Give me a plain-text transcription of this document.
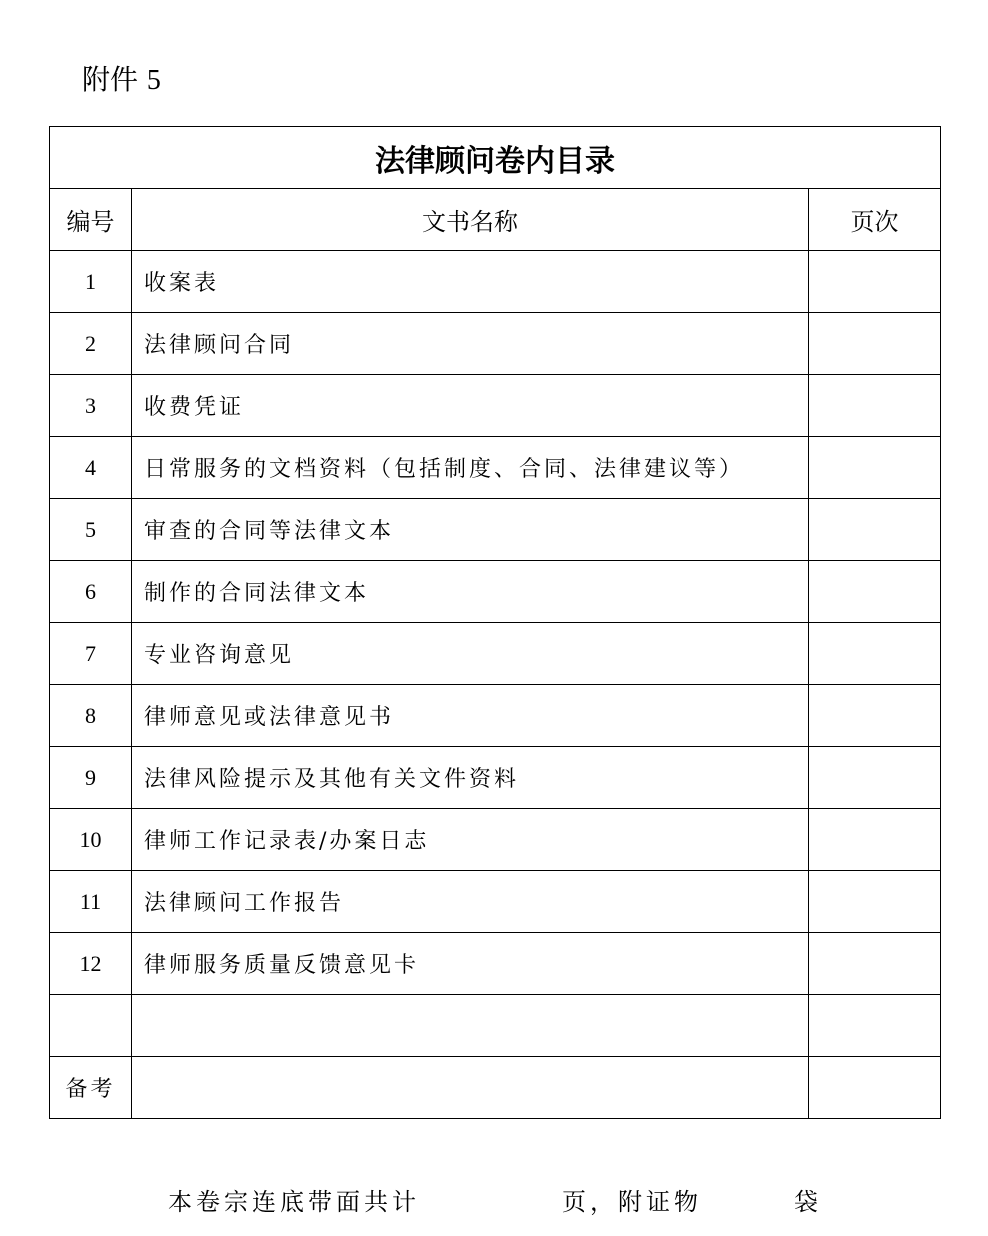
附件 5
法律顾问卷内目录		
编号	文书名称	页次
1	收案表	
2	法律顾问合同	
3	收费凭证	
4	日常服务的文档资料（包括制度、合同、法律建议等）	
5	审查的合同等法律文本	
6	制作的合同法律文本	
7	专业咨询意见	
8	律师意见或法律意见书	
9	法律风险提示及其他有关文件资料	
10	律师工作记录表/办案日志	
11	法律顾问工作报告	
12	律师服务质量反馈意见卡	

备考		
本卷宗连底带面共计	页，附证物	袋
